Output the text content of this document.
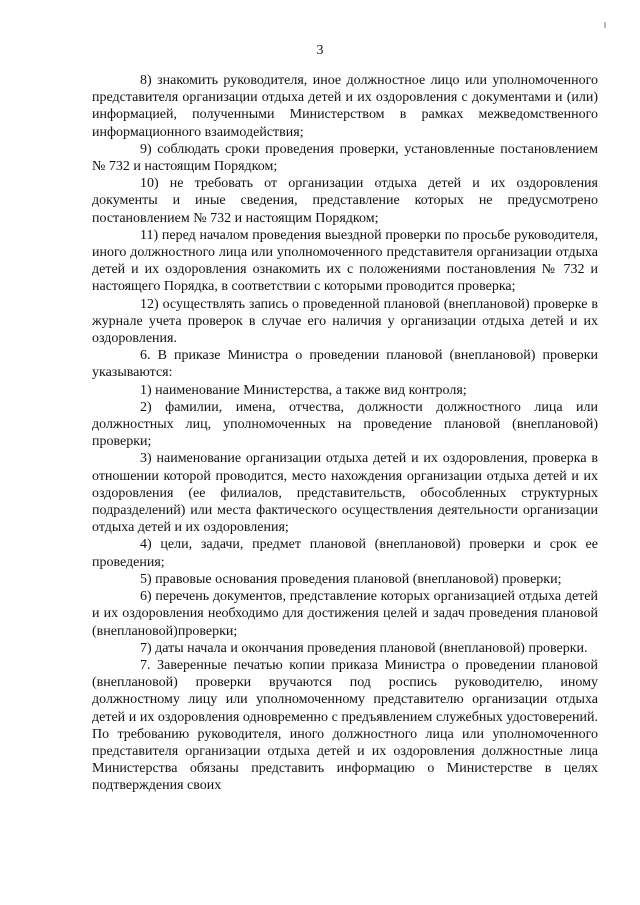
3

8) знакомить руководителя, иное должностное лицо или уполномоченного представителя организации отдыха детей и их оздоровления с документами и (или) информацией, полученными Министерством в рамках межведомственного информационного взаимодействия;

9) соблюдать сроки проведения проверки, установленные постановлением № 732 и настоящим Порядком;

10) не требовать от организации отдыха детей и их оздоровления документы и иные сведения, представление которых не предусмотрено постановлением № 732 и настоящим Порядком;

11) перед началом проведения выездной проверки по просьбе руководителя, иного должностного лица или уполномоченного представителя организации отдыха детей и их оздоровления ознакомить их с положениями постановления № 732 и настоящего Порядка, в соответствии с которыми проводится проверка;

12) осуществлять запись о проведенной плановой (внеплановой) проверке в журнале учета проверок в случае его наличия у организации отдыха детей и их оздоровления.

6. В приказе Министра о проведении плановой (внеплановой) проверки указываются:

1) наименование Министерства, а также вид контроля;

2) фамилии, имена, отчества, должности должностного лица или должностных лиц, уполномоченных на проведение плановой (внеплановой) проверки;

3) наименование организации отдыха детей и их оздоровления, проверка в отношении которой проводится, место нахождения организации отдыха детей и их оздоровления (ее филиалов, представительств, обособленных структурных подразделений) или места фактического осуществления деятельности организации отдыха детей и их оздоровления;

4) цели, задачи, предмет плановой (внеплановой) проверки и срок ее проведения;

5) правовые основания проведения плановой (внеплановой) проверки;

6) перечень документов, представление которых организацией отдыха детей и их оздоровления необходимо для достижения целей и задач проведения плановой (внеплановой)проверки;

7) даты начала и окончания проведения плановой (внеплановой) проверки.

7. Заверенные печатью копии приказа Министра о проведении плановой (внеплановой) проверки вручаются под роспись руководителю, иному должностному лицу или уполномоченному представителю организации отдыха детей и их оздоровления одновременно с предъявлением служебных удостоверений. По требованию руководителя, иного должностного лица или уполномоченного представителя организации отдыха детей и их оздоровления должностные лица Министерства обязаны представить информацию о Министерстве в целях подтверждения своих
